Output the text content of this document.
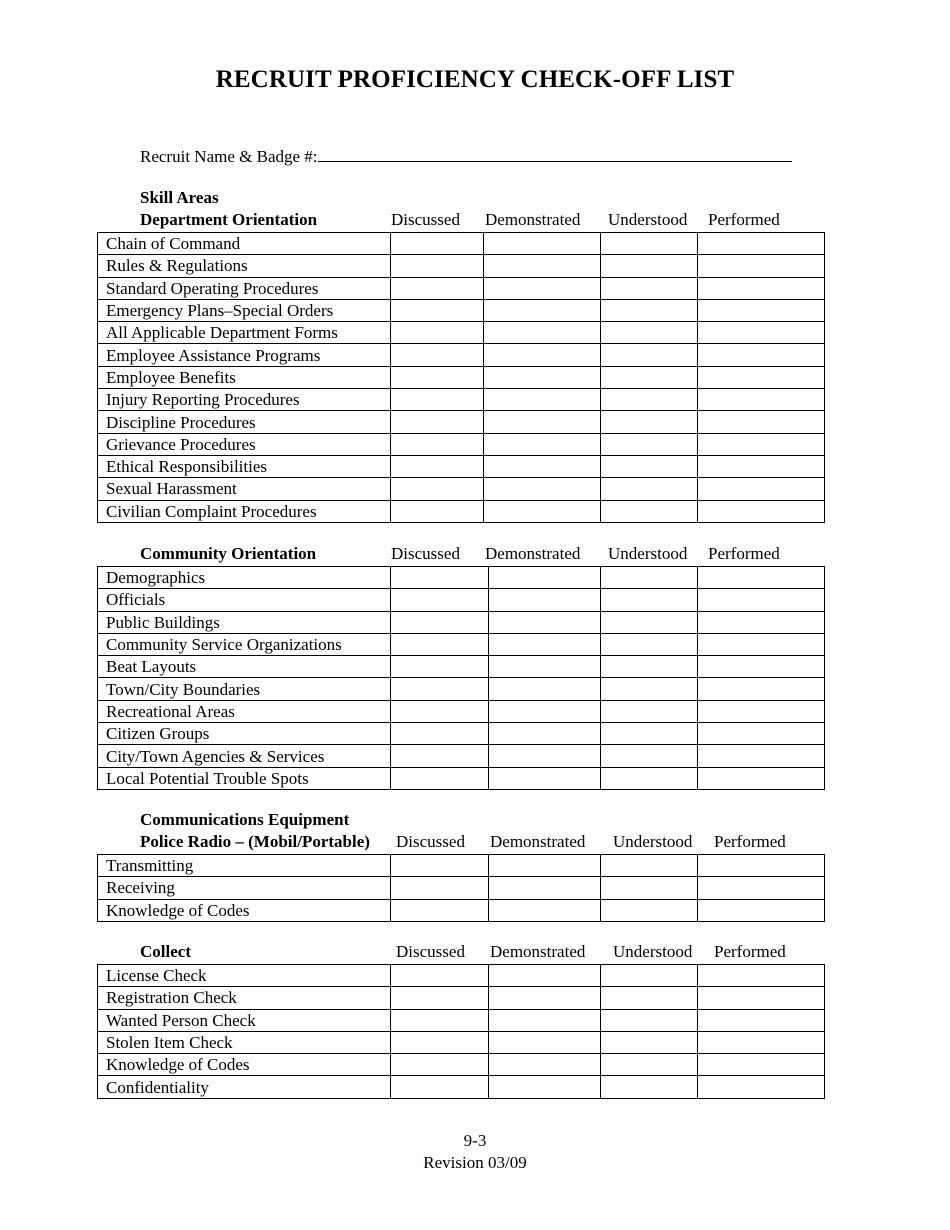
RECRUIT PROFICIENCY CHECK-OFF LIST
Recruit Name & Badge #:
Skill Areas
Department Orientation	Discussed Demonstrated Understood Performed
Chain of Command				
Rules & Regulations				
Standard Operating Procedures				
Emergency Plans–Special Orders				
All Applicable Department Forms				
Employee Assistance Programs				
Employee Benefits				
Injury Reporting Procedures				
Discipline Procedures				
Grievance Procedures				
Ethical Responsibilities				
Sexual Harassment				
Civilian Complaint Procedures				
Community Orientation	Discussed Demonstrated Understood Performed
Demographics				
Officials				
Public Buildings				
Community Service Organizations				
Beat Layouts				
Town/City Boundaries				
Recreational Areas				
Citizen Groups				
City/Town Agencies & Services				
Local Potential Trouble Spots				
Communications Equipment
Police Radio – (Mobil/Portable) Discussed Demonstrated Understood Performed
Transmitting				
Receiving				
Knowledge of Codes				
Collect	Discussed Demonstrated Understood Performed
License Check				
Registration Check				
Wanted Person Check				
Stolen Item Check				
Knowledge of Codes				
Confidentiality				
9-3
Revision 03/09
